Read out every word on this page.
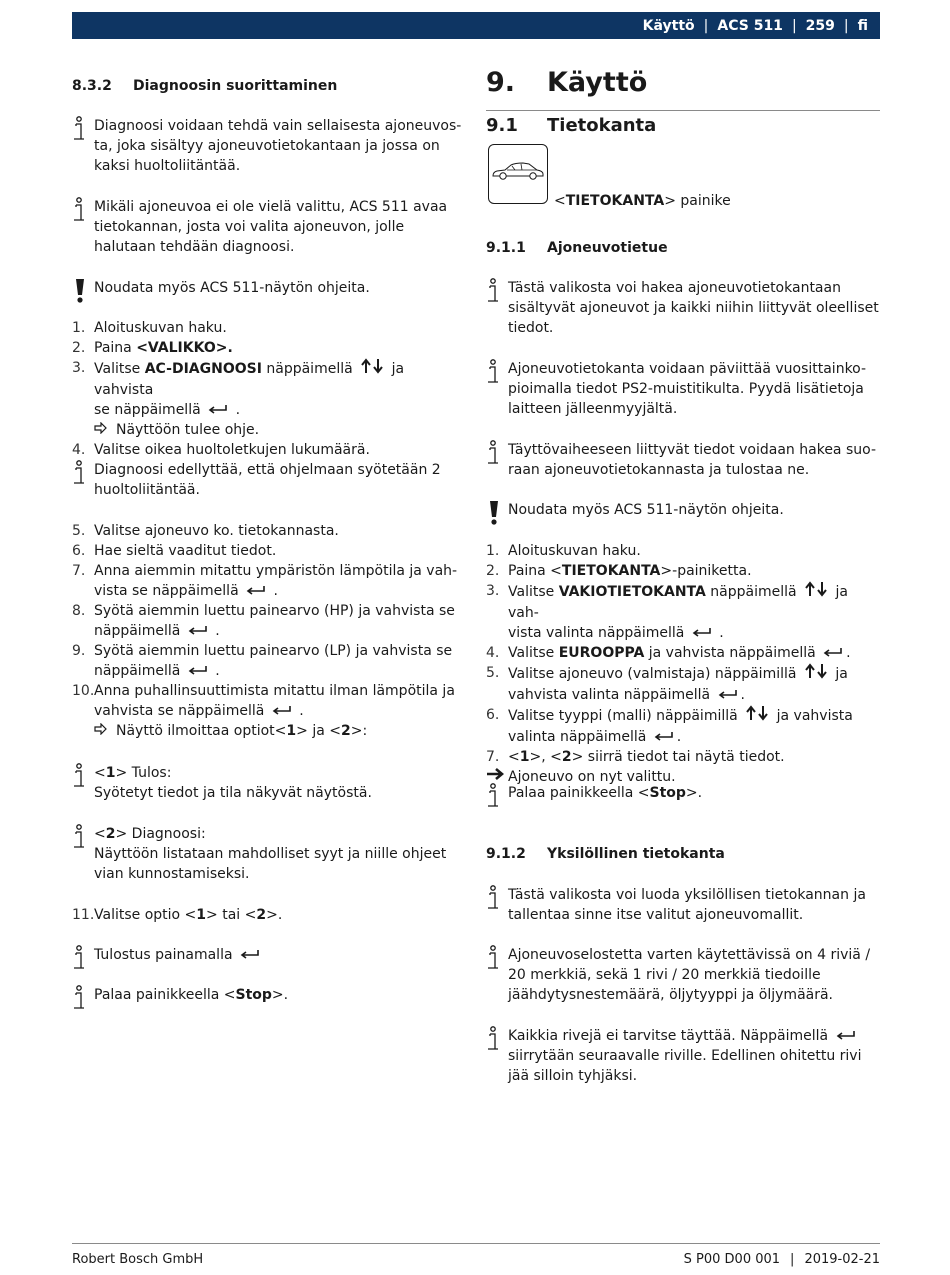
Käyttö | ACS 511 | 259 | fi
8.3.2 Diagnoosin suorittaminen
Diagnoosi voidaan tehdä vain sellaisesta ajoneuvos-ta, joka sisältyy ajoneuvotietokantaan ja jossa on kaksi huoltoliitäntää.
Mikäli ajoneuvoa ei ole vielä valittu, ACS 511 avaa tietokannan, josta voi valita ajoneuvon, jolle halutaan tehdään diagnoosi.
Noudata myös ACS 511-näytön ohjeita.
1. Aloituskuvan haku.
2. Paina <VALIKKO>.
3. Valitse AC-DIAGNOOSI näppäimellä  ja vahvista
se näppäimellä  .
Näyttöön tulee ohje.
4. Valitse oikea huoltoletkujen lukumäärä.
Diagnoosi edellyttää, että ohjelmaan syötetään 2 huoltoliitäntää.
5. Valitse ajoneuvo ko. tietokannasta.
6. Hae sieltä vaaditut tiedot.
7. Anna aiemmin mitattu ympäristön lämpötila ja vah-
vista se näppäimellä  .
8. Syötä aiemmin luettu painearvo (HP) ja vahvista se
näppäimellä  .
9. Syötä aiemmin luettu painearvo (LP) ja vahvista se
näppäimellä  .
10. Anna puhallinsuuttimista mitattu ilman lämpötila ja
vahvista se näppäimellä  .
Näyttö ilmoittaa optiot<1> ja <2>:
<1> Tulos:
Syötetyt tiedot ja tila näkyvät näytöstä.
<2> Diagnoosi:
Näyttöön listataan mahdolliset syyt ja niille ohjeet vian kunnostamiseksi.
11. Valitse optio <1> tai <2>.
Tulostus painamalla
Palaa painikkeella <Stop>.
9. Käyttö
9.1 Tietokanta
<TIETOKANTA> painike
9.1.1 Ajoneuvotietue
Tästä valikosta voi hakea ajoneuvotietokantaan sisältyvät ajoneuvot ja kaikki niihin liittyvät oleelliset tiedot.
Ajoneuvotietokanta voidaan päviittää vuosittainko-pioimalla tiedot PS2-muistitikulta. Pyydä lisätietoja laitteen jälleenmyyjältä.
Täyttövaiheeseen liittyvät tiedot voidaan hakea suo-raan ajoneuvotietokannasta ja tulostaa ne.
Noudata myös ACS 511-näytön ohjeita.
1. Aloituskuvan haku.
2. Paina <TIETOKANTA>-painiketta.
3. Valitse VAKIOTIETOKANTA näppäimellä  ja vah-
vista valinta näppäimellä  .
4. Valitse EUROOPPA ja vahvista näppäimellä .
5. Valitse ajoneuvo (valmistaja) näppäimillä  ja
vahvista valinta näppäimellä .
6. Valitse tyyppi (malli) näppäimillä  ja vahvista
valinta näppäimellä .
7. <1>, <2> siirrä tiedot tai näytä tiedot.
Ajoneuvo on nyt valittu.
Palaa painikkeella <Stop>.
9.1.2 Yksilöllinen tietokanta
Tästä valikosta voi luoda yksilöllisen tietokannan ja tallentaa sinne itse valitut ajoneuvomallit.
Ajoneuvoselostetta varten käytettävissä on 4 riviä / 20 merkkiä, sekä 1 rivi / 20 merkkiä tiedoille jäähdytysnestemäärä, öljytyyppi ja öljymäärä.
Kaikkia rivejä ei tarvitse täyttää. Näppäimellä  siirrytään seuraavalle riville. Edellinen ohitettu rivi jää silloin tyhjäksi.
Robert Bosch GmbH	S P00 D00 001 | 2019-02-21
